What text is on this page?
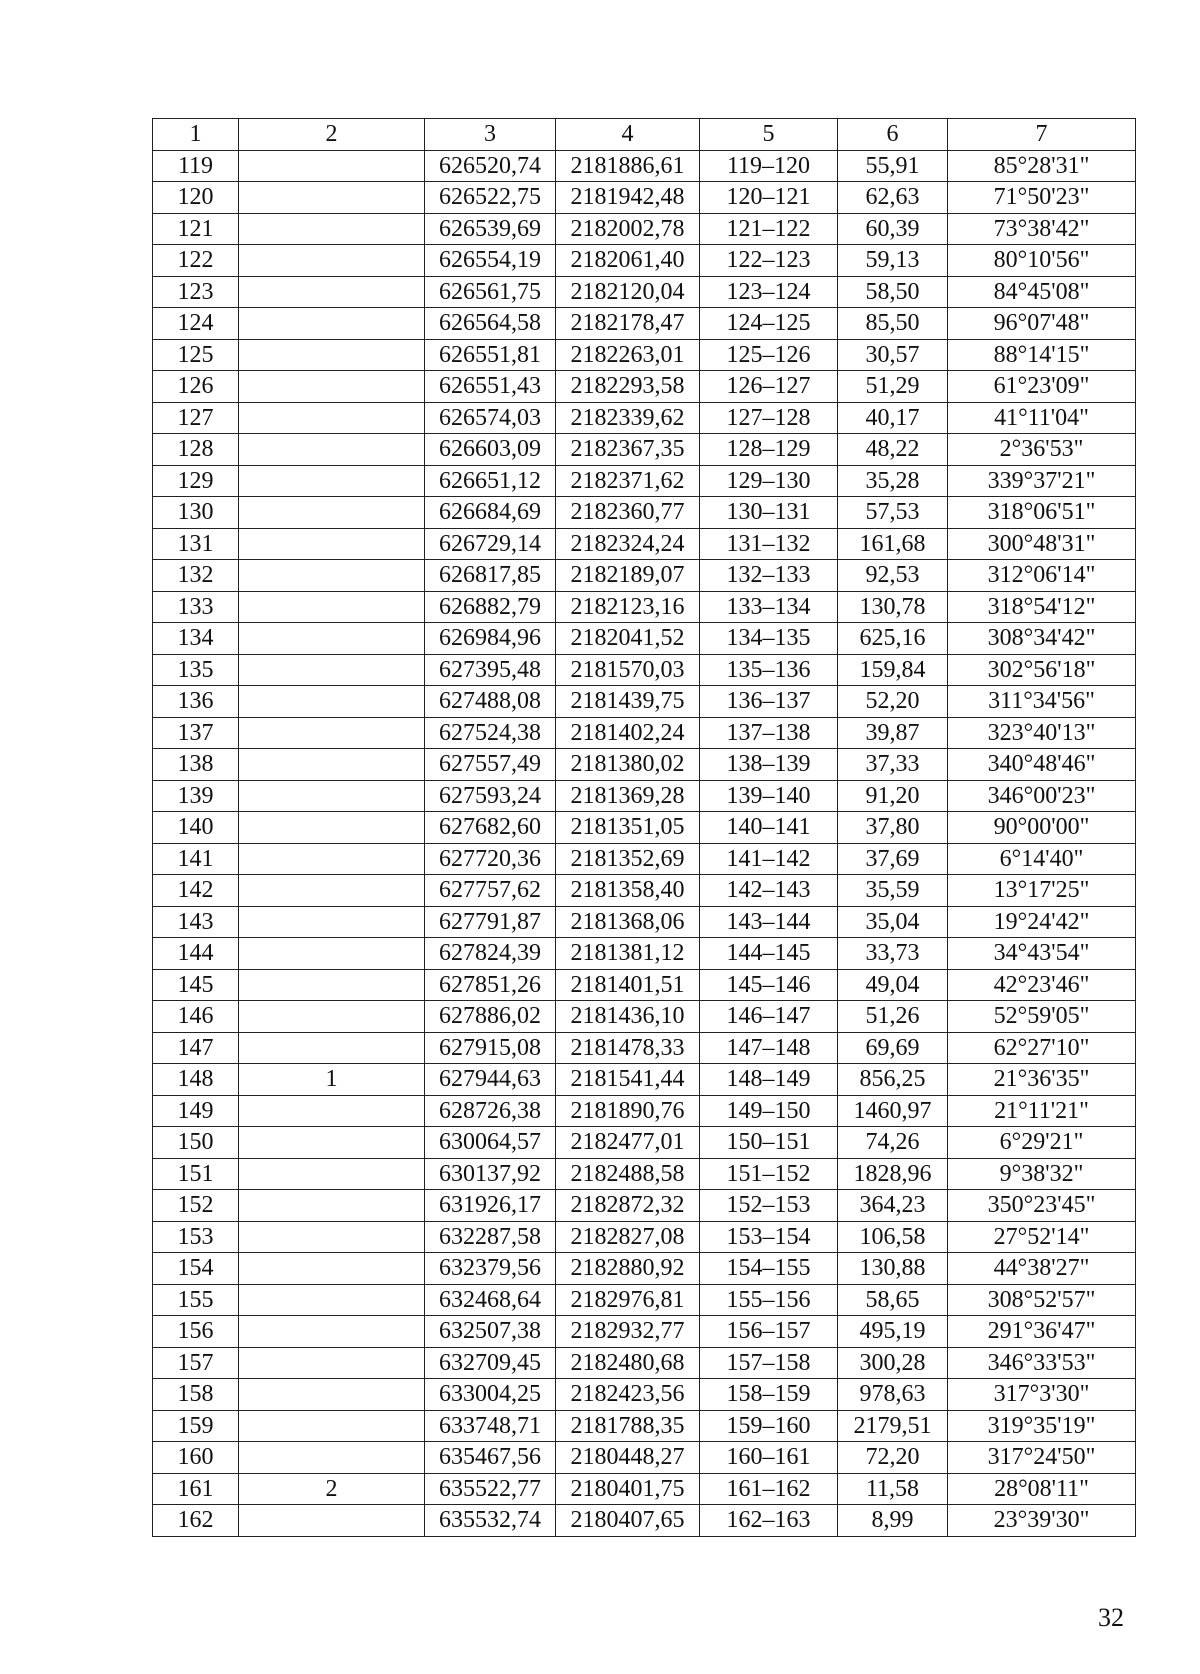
1	2	3	4	5	6	7
119		626520,74	2181886,61	119–120	55,91	85°28'31"
120		626522,75	2181942,48	120–121	62,63	71°50'23"
121		626539,69	2182002,78	121–122	60,39	73°38'42"
122		626554,19	2182061,40	122–123	59,13	80°10'56"
123		626561,75	2182120,04	123–124	58,50	84°45'08"
124		626564,58	2182178,47	124–125	85,50	96°07'48"
125		626551,81	2182263,01	125–126	30,57	88°14'15"
126		626551,43	2182293,58	126–127	51,29	61°23'09"
127		626574,03	2182339,62	127–128	40,17	41°11'04"
128		626603,09	2182367,35	128–129	48,22	2°36'53"
129		626651,12	2182371,62	129–130	35,28	339°37'21"
130		626684,69	2182360,77	130–131	57,53	318°06'51"
131		626729,14	2182324,24	131–132	161,68	300°48'31"
132		626817,85	2182189,07	132–133	92,53	312°06'14"
133		626882,79	2182123,16	133–134	130,78	318°54'12"
134		626984,96	2182041,52	134–135	625,16	308°34'42"
135		627395,48	2181570,03	135–136	159,84	302°56'18"
136		627488,08	2181439,75	136–137	52,20	311°34'56"
137		627524,38	2181402,24	137–138	39,87	323°40'13"
138		627557,49	2181380,02	138–139	37,33	340°48'46"
139		627593,24	2181369,28	139–140	91,20	346°00'23"
140		627682,60	2181351,05	140–141	37,80	90°00'00"
141		627720,36	2181352,69	141–142	37,69	6°14'40"
142		627757,62	2181358,40	142–143	35,59	13°17'25"
143		627791,87	2181368,06	143–144	35,04	19°24'42"
144		627824,39	2181381,12	144–145	33,73	34°43'54"
145		627851,26	2181401,51	145–146	49,04	42°23'46"
146		627886,02	2181436,10	146–147	51,26	52°59'05"
147		627915,08	2181478,33	147–148	69,69	62°27'10"
148	1	627944,63	2181541,44	148–149	856,25	21°36'35"
149		628726,38	2181890,76	149–150	1460,97	21°11'21"
150		630064,57	2182477,01	150–151	74,26	6°29'21"
151		630137,92	2182488,58	151–152	1828,96	9°38'32"
152		631926,17	2182872,32	152–153	364,23	350°23'45"
153		632287,58	2182827,08	153–154	106,58	27°52'14"
154		632379,56	2182880,92	154–155	130,88	44°38'27"
155		632468,64	2182976,81	155–156	58,65	308°52'57"
156		632507,38	2182932,77	156–157	495,19	291°36'47"
157		632709,45	2182480,68	157–158	300,28	346°33'53"
158		633004,25	2182423,56	158–159	978,63	317°3'30"
159		633748,71	2181788,35	159–160	2179,51	319°35'19"
160		635467,56	2180448,27	160–161	72,20	317°24'50"
161	2	635522,77	2180401,75	161–162	11,58	28°08'11"
162		635532,74	2180407,65	162–163	8,99	23°39'30"
32
